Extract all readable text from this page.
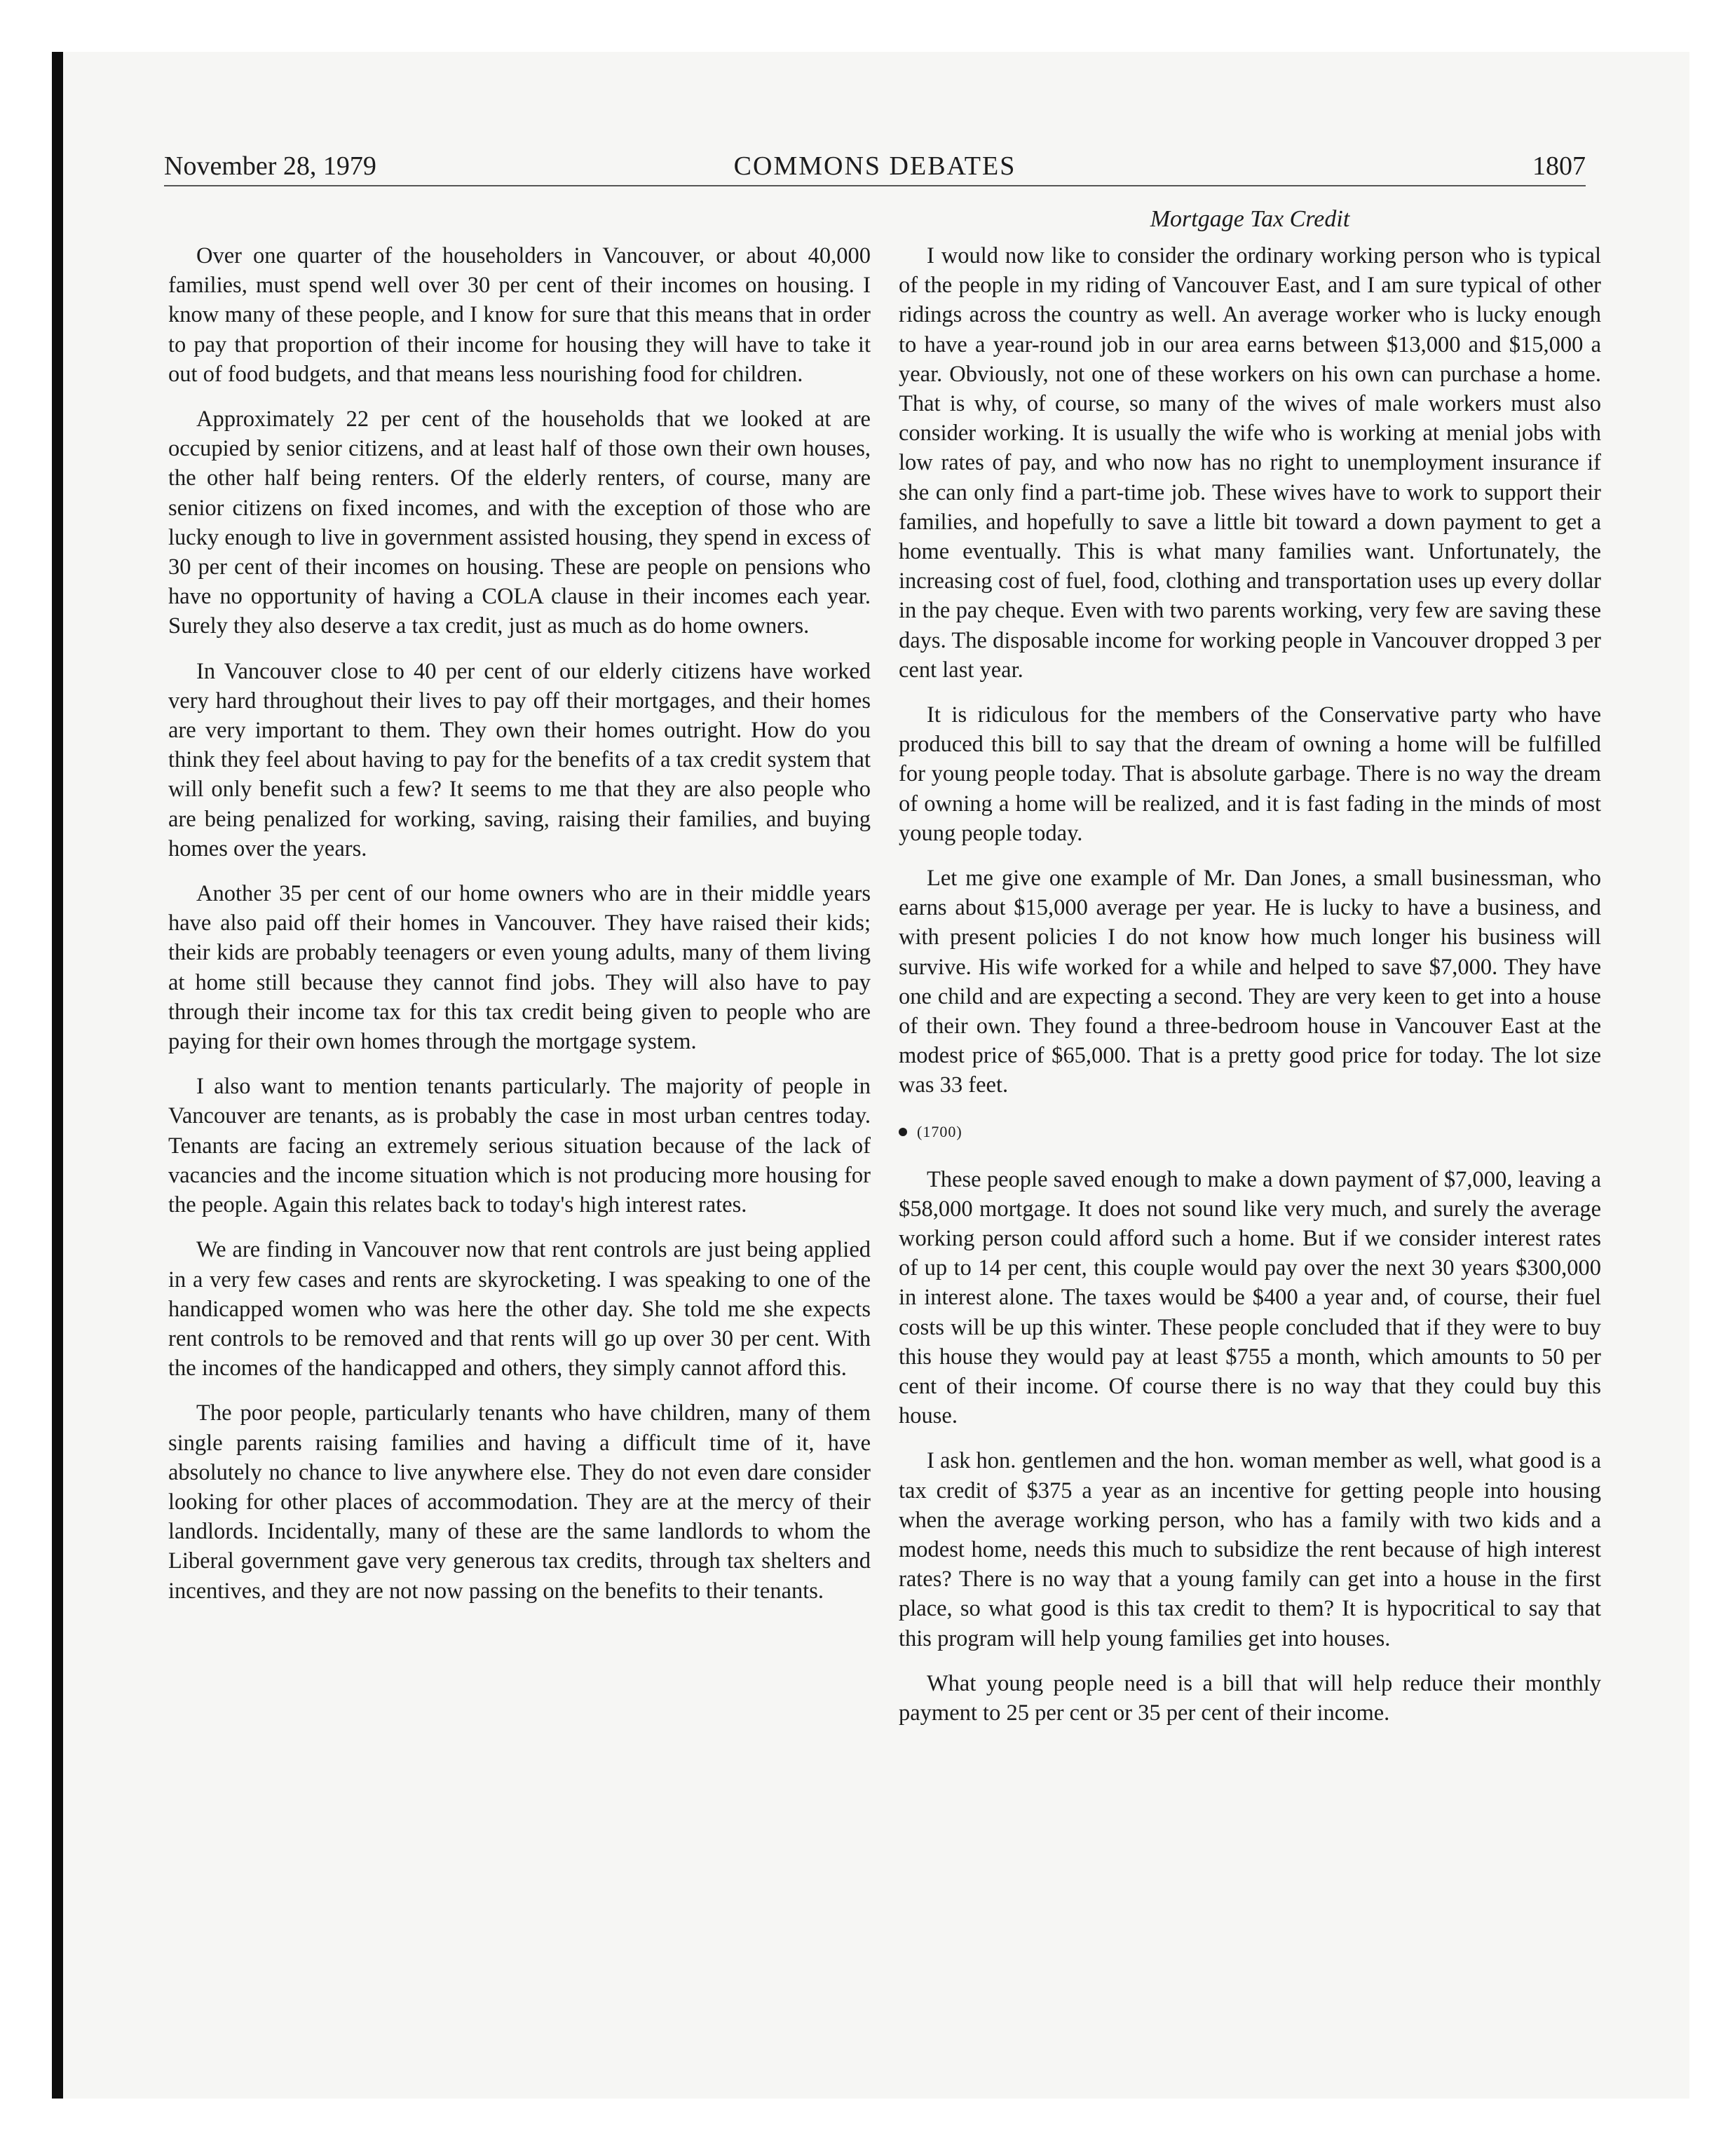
November 28, 1979	COMMONS DEBATES	1807

Over one quarter of the householders in Vancouver, or about 40,000 families, must spend well over 30 per cent of their incomes on housing. I know many of these people, and I know for sure that this means that in order to pay that proportion of their income for housing they will have to take it out of food budgets, and that means less nourishing food for children.

Approximately 22 per cent of the households that we looked at are occupied by senior citizens, and at least half of those own their own houses, the other half being renters. Of the elderly renters, of course, many are senior citizens on fixed incomes, and with the exception of those who are lucky enough to live in government assisted housing, they spend in excess of 30 per cent of their incomes on housing. These are people on pensions who have no opportunity of having a COLA clause in their incomes each year. Surely they also deserve a tax credit, just as much as do home owners.

In Vancouver close to 40 per cent of our elderly citizens have worked very hard throughout their lives to pay off their mortgages, and their homes are very important to them. They own their homes outright. How do you think they feel about having to pay for the benefits of a tax credit system that will only benefit such a few? It seems to me that they are also people who are being penalized for working, saving, raising their families, and buying homes over the years.

Another 35 per cent of our home owners who are in their middle years have also paid off their homes in Vancouver. They have raised their kids; their kids are probably teenagers or even young adults, many of them living at home still because they cannot find jobs. They will also have to pay through their income tax for this tax credit being given to people who are paying for their own homes through the mortgage system.

I also want to mention tenants particularly. The majority of people in Vancouver are tenants, as is probably the case in most urban centres today. Tenants are facing an extremely serious situation because of the lack of vacancies and the income situation which is not producing more housing for the people. Again this relates back to today's high interest rates.

We are finding in Vancouver now that rent controls are just being applied in a very few cases and rents are skyrocketing. I was speaking to one of the handicapped women who was here the other day. She told me she expects rent controls to be removed and that rents will go up over 30 per cent. With the incomes of the handicapped and others, they simply cannot afford this.

The poor people, particularly tenants who have children, many of them single parents raising families and having a difficult time of it, have absolutely no chance to live anywhere else. They do not even dare consider looking for other places of accommodation. They are at the mercy of their landlords. Incidentally, many of these are the same landlords to whom the Liberal government gave very generous tax credits, through tax shelters and incentives, and they are not now passing on the benefits to their tenants.

Mortgage Tax Credit

I would now like to consider the ordinary working person who is typical of the people in my riding of Vancouver East, and I am sure typical of other ridings across the country as well. An average worker who is lucky enough to have a year-round job in our area earns between $13,000 and $15,000 a year. Obviously, not one of these workers on his own can purchase a home. That is why, of course, so many of the wives of male workers must also consider working. It is usually the wife who is working at menial jobs with low rates of pay, and who now has no right to unemployment insurance if she can only find a part-time job. These wives have to work to support their families, and hopefully to save a little bit toward a down payment to get a home eventually. This is what many families want. Unfortunately, the increasing cost of fuel, food, clothing and transportation uses up every dollar in the pay cheque. Even with two parents working, very few are saving these days. The disposable income for working people in Vancouver dropped 3 per cent last year.

It is ridiculous for the members of the Conservative party who have produced this bill to say that the dream of owning a home will be fulfilled for young people today. That is absolute garbage. There is no way the dream of owning a home will be realized, and it is fast fading in the minds of most young people today.

Let me give one example of Mr. Dan Jones, a small businessman, who earns about $15,000 average per year. He is lucky to have a business, and with present policies I do not know how much longer his business will survive. His wife worked for a while and helped to save $7,000. They have one child and are expecting a second. They are very keen to get into a house of their own. They found a three-bedroom house in Vancouver East at the modest price of $65,000. That is a pretty good price for today. The lot size was 33 feet.

(1700)

These people saved enough to make a down payment of $7,000, leaving a $58,000 mortgage. It does not sound like very much, and surely the average working person could afford such a home. But if we consider interest rates of up to 14 per cent, this couple would pay over the next 30 years $300,000 in interest alone. The taxes would be $400 a year and, of course, their fuel costs will be up this winter. These people concluded that if they were to buy this house they would pay at least $755 a month, which amounts to 50 per cent of their income. Of course there is no way that they could buy this house.

I ask hon. gentlemen and the hon. woman member as well, what good is a tax credit of $375 a year as an incentive for getting people into housing when the average working person, who has a family with two kids and a modest home, needs this much to subsidize the rent because of high interest rates? There is no way that a young family can get into a house in the first place, so what good is this tax credit to them? It is hypocritical to say that this program will help young families get into houses.

What young people need is a bill that will help reduce their monthly payment to 25 per cent or 35 per cent of their income.
